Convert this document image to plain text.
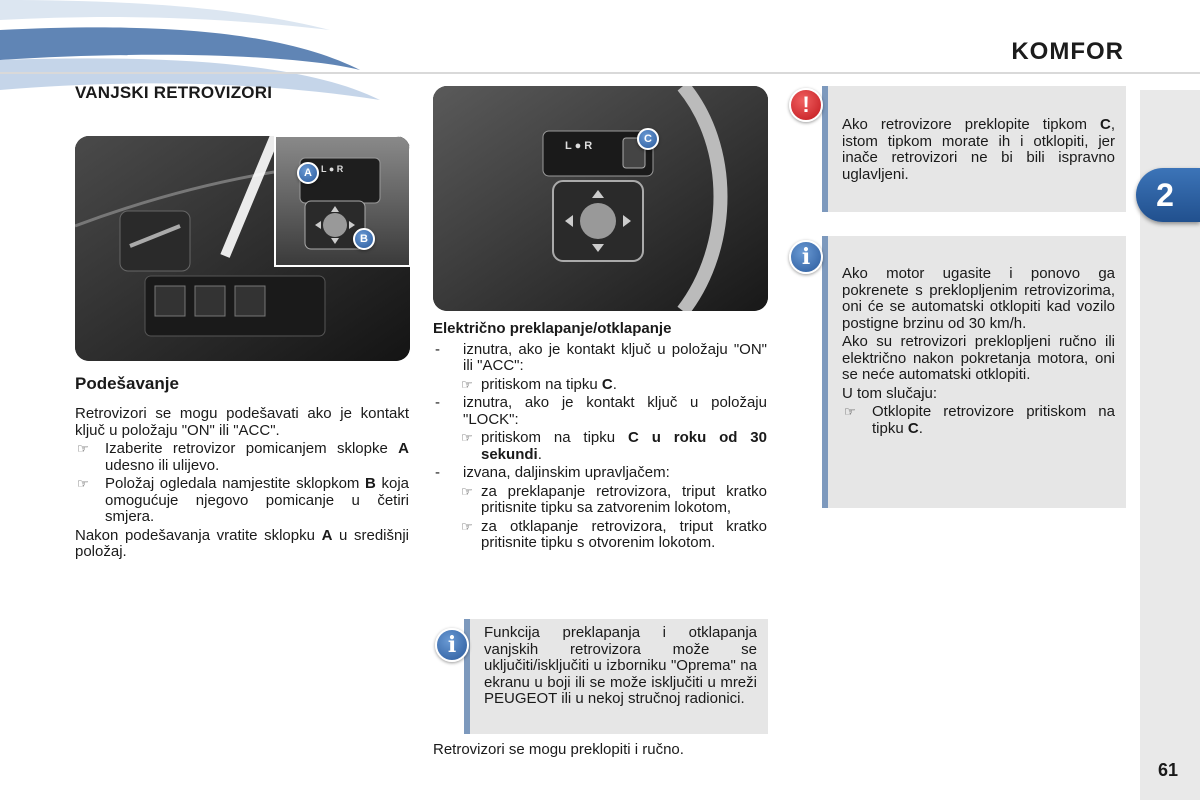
KOMFOR
2
61
VANJSKI RETROVIZORI
A
B
L ● R
Podešavanje
Retrovizori se mogu podešavati ako je kontakt ključ u položaju "ON" ili "ACC".
☞ Izaberite retrovizor pomicanjem sklopke A udesno ili ulijevo.
☞ Položaj ogledala namjestite sklopkom B koja omogućuje njegovo pomicanje u četiri smjera.
Nakon podešavanja vratite sklopku A u središnji položaj.
C
L ● R
Električno preklapanje/otklapanje
- iznutra, ako je kontakt ključ u položaju "ON" ili "ACC":
☞ pritiskom na tipku C.
- iznutra, ako je kontakt ključ u položaju "LOCK":
☞ pritiskom na tipku C u roku od 30 sekundi.
- izvana, daljinskim upravljačem:
☞ za preklapanje retrovizora, triput kratko pritisnite tipku sa zatvorenim lokotom,
☞ za otklapanje retrovizora, triput kratko pritisnite tipku s otvorenim lokotom.
Funkcija preklapanja i otklapanja vanjskih retrovizora može se uključiti/isključiti u izborniku "Oprema" na ekranu u boji ili se može isključiti u mreži PEUGEOT ili u nekoj stručnoj radionici.
i
Retrovizori se mogu preklopiti i ručno.
Ako retrovizore preklopite tipkom C, istom tipkom morate ih i otklopiti, jer inače retrovizori ne bi bili ispravno uglavljeni.
!
Ako motor ugasite i ponovo ga pokrenete s preklopljenim retrovizorima, oni će se automatski otklopiti kad vozilo postigne brzinu od 30 km/h.
Ako su retrovizori preklopljeni ručno ili električno nakon pokretanja motora, oni se neće automatski otklopiti.
U tom slučaju:
☞ Otklopite retrovizore pritiskom na tipku C.
i
